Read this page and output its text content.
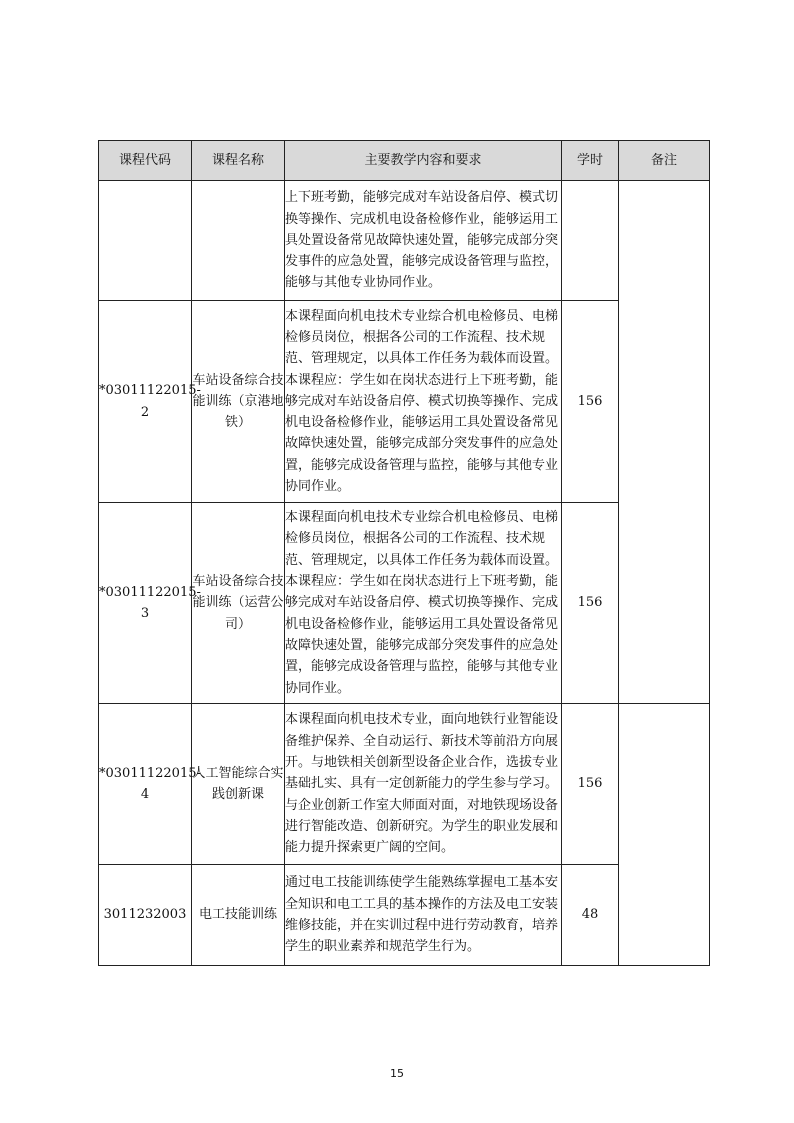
课程代码	课程名称	主要教学内容和要求	学时	备注
		上下班考勤，能够完成对车站设备启停、模式切换等操作、完成机电设备检修作业，能够运用工具处置设备常见故障快速处置，能够完成部分突发事件的应急处置，能够完成设备管理与监控，能够与其他专业协同作业。		
*03011122015-2	车站设备综合技能训练（京港地铁）	本课程面向机电技术专业综合机电检修员、电梯检修员岗位，根据各公司的工作流程、技术规范、管理规定，以具体工作任务为载体而设置。本课程应：学生如在岗状态进行上下班考勤，能够完成对车站设备启停、模式切换等操作、完成机电设备检修作业，能够运用工具处置设备常见故障快速处置，能够完成部分突发事件的应急处置，能够完成设备管理与监控，能够与其他专业协同作业。	156	
*03011122015-3	车站设备综合技能训练（运营公司）	本课程面向机电技术专业综合机电检修员、电梯检修员岗位，根据各公司的工作流程、技术规范、管理规定，以具体工作任务为载体而设置。本课程应：学生如在岗状态进行上下班考勤，能够完成对车站设备启停、模式切换等操作、完成机电设备检修作业，能够运用工具处置设备常见故障快速处置，能够完成部分突发事件的应急处置，能够完成设备管理与监控，能够与其他专业协同作业。	156	
*03011122015-4	人工智能综合实践创新课	本课程面向机电技术专业，面向地铁行业智能设备维护保养、全自动运行、新技术等前沿方向展开。与地铁相关创新型设备企业合作，选拔专业基础扎实、具有一定创新能力的学生参与学习。与企业创新工作室大师面对面，对地铁现场设备进行智能改造、创新研究。为学生的职业发展和能力提升探索更广阔的空间。	156	
3011232003	电工技能训练	通过电工技能训练使学生能熟练掌握电工基本安全知识和电工工具的基本操作的方法及电工安装维修技能，并在实训过程中进行劳动教育，培养学生的职业素养和规范学生行为。	48	
15
